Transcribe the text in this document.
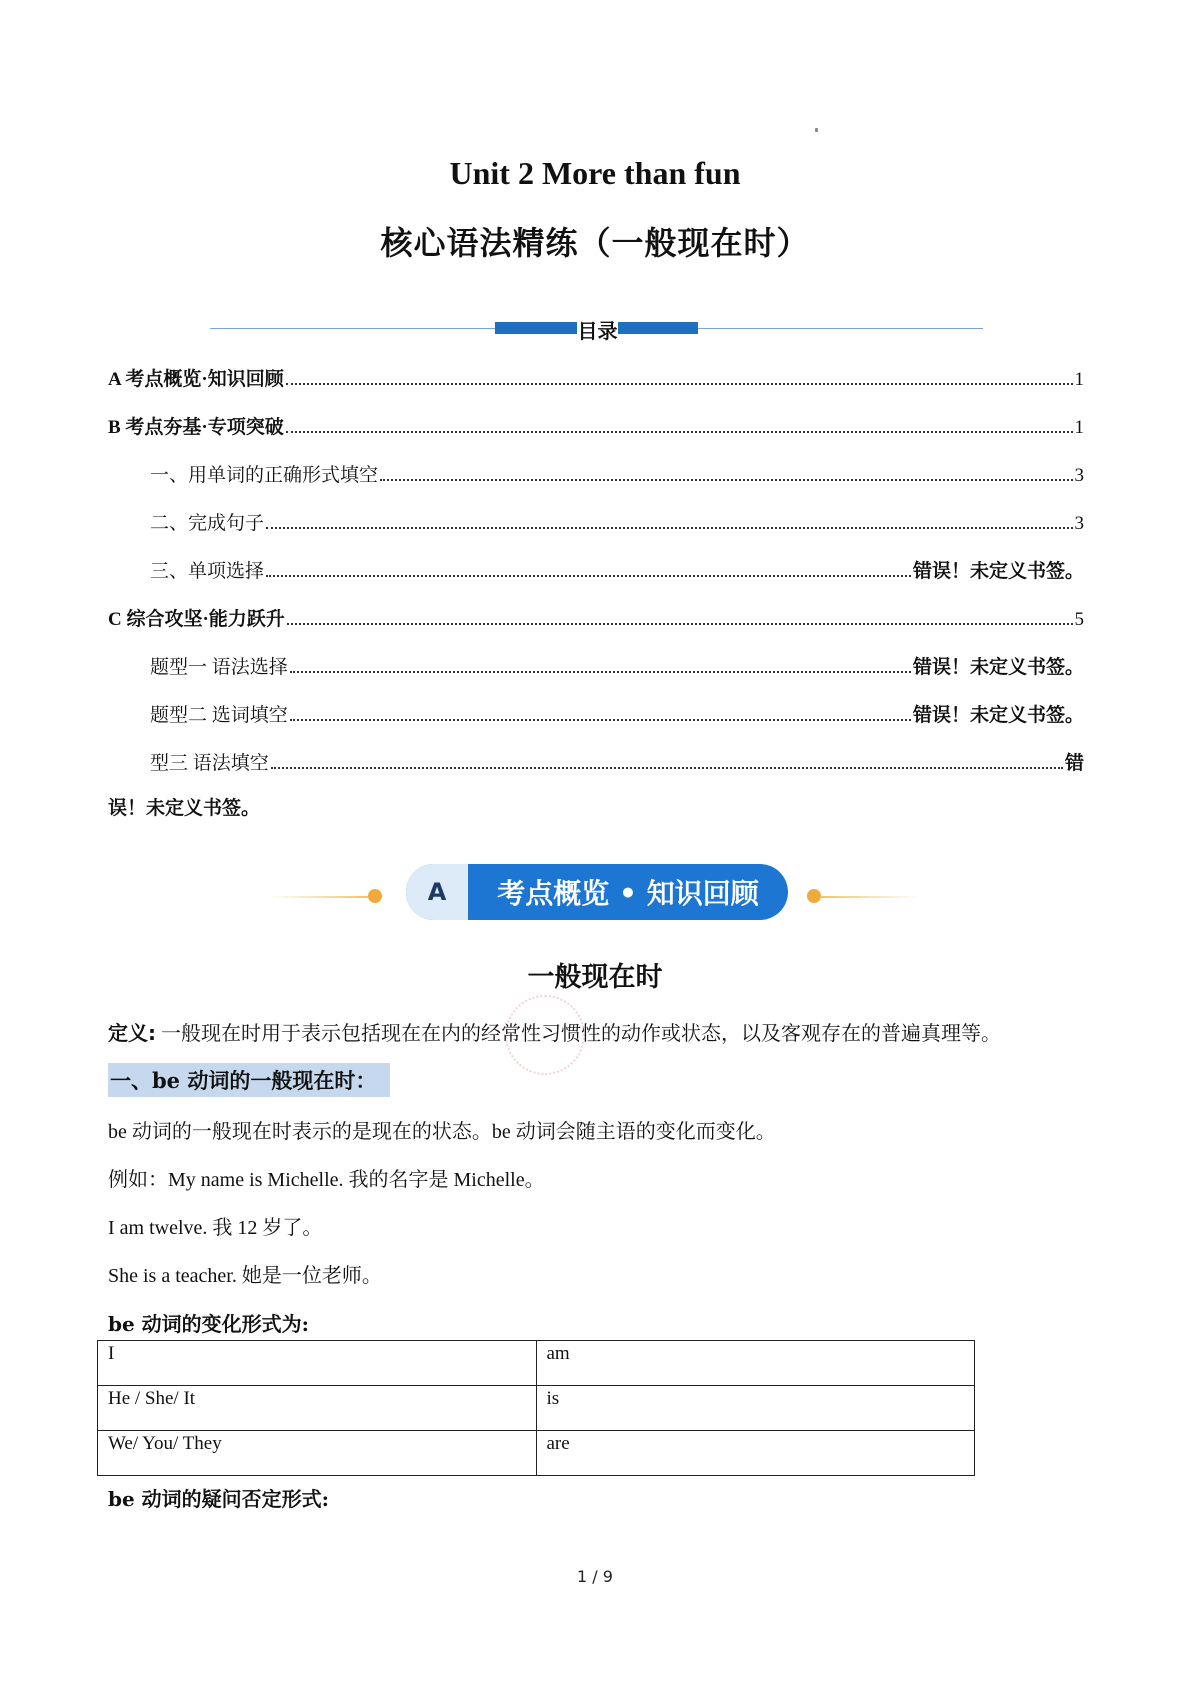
Unit 2 More than fun
核心语法精练（一般现在时）
目录
A 考点概览·知识回顾	1
B 考点夯基·专项突破	1
一、用单词的正确形式填空	3
二、完成句子	3
三、单项选择	错误！未定义书签。
C 综合攻坚·能力跃升	5
题型一 语法选择	错误！未定义书签。
题型二 选词填空	错误！未定义书签。
型三 语法填空	错
误！未定义书签。
A	考点概览 • 知识回顾
一般现在时
定义: 一般现在时用于表示包括现在在内的经常性习惯性的动作或状态，以及客观存在的普遍真理等。
一、be 动词的一般现在时：
be 动词的一般现在时表示的是现在的状态。be 动词会随主语的变化而变化。
例如：My name is Michelle. 我的名字是 Michelle。
I am twelve. 我 12 岁了。
She is a teacher. 她是一位老师。
be 动词的变化形式为:
I	am
He / She/ It	is
We/ You/ They	are
be 动词的疑问否定形式:
1 / 9
